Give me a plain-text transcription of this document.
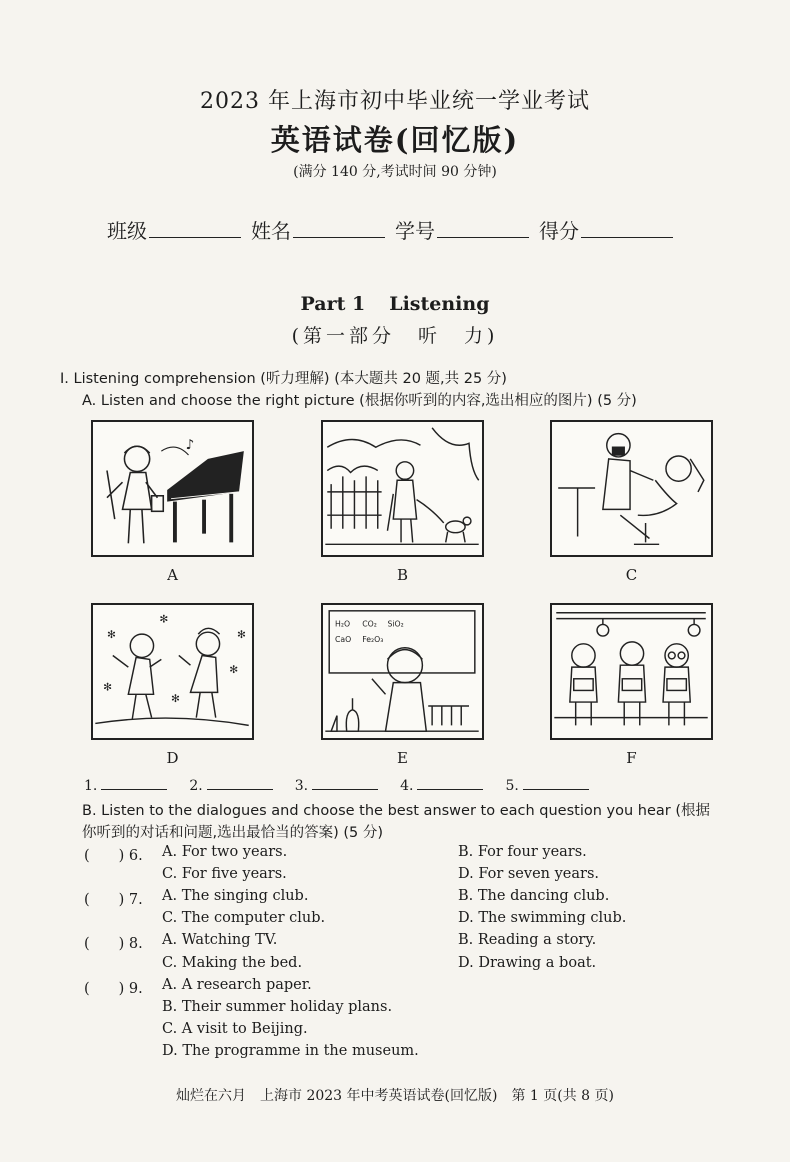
2023 年上海市初中毕业统一学业考试
英语试卷(回忆版)
(满分 140 分,考试时间 90 分钟)
班级	姓名	学号	得分
Part 1 Listening
(第一部分　听　力)
Ⅰ. Listening comprehension (听力理解) (本大题共 20 题,共 25 分)
A. Listen and choose the right picture (根据你听到的内容,选出相应的图片) (5 分)
♪
A	B	C
✻
✻
✻
✻
✻
✻
D
H₂O CO₂ SiO₂
CaO Fe₂O₃
E	F
1.	2.	3.	4.	5.
B. Listen to the dialogues and choose the best answer to each question you hear (根据你听到的对话和问题,选出最恰当的答案) (5 分)
(　　) 6. A. For two years.	B. For four years.
C. For five years.	D. For seven years.
(　　) 7. A. The singing club.	B. The dancing club.
C. The computer club.	D. The swimming club.
(　　) 8. A. Watching TV.	B. Reading a story.
C. Making the bed.	D. Drawing a boat.
(　　) 9. A. A research paper.
B. Their summer holiday plans.
C. A visit to Beijing.
D. The programme in the museum.
灿烂在六月　上海市 2023 年中考英语试卷(回忆版)　第 1 页(共 8 页)
